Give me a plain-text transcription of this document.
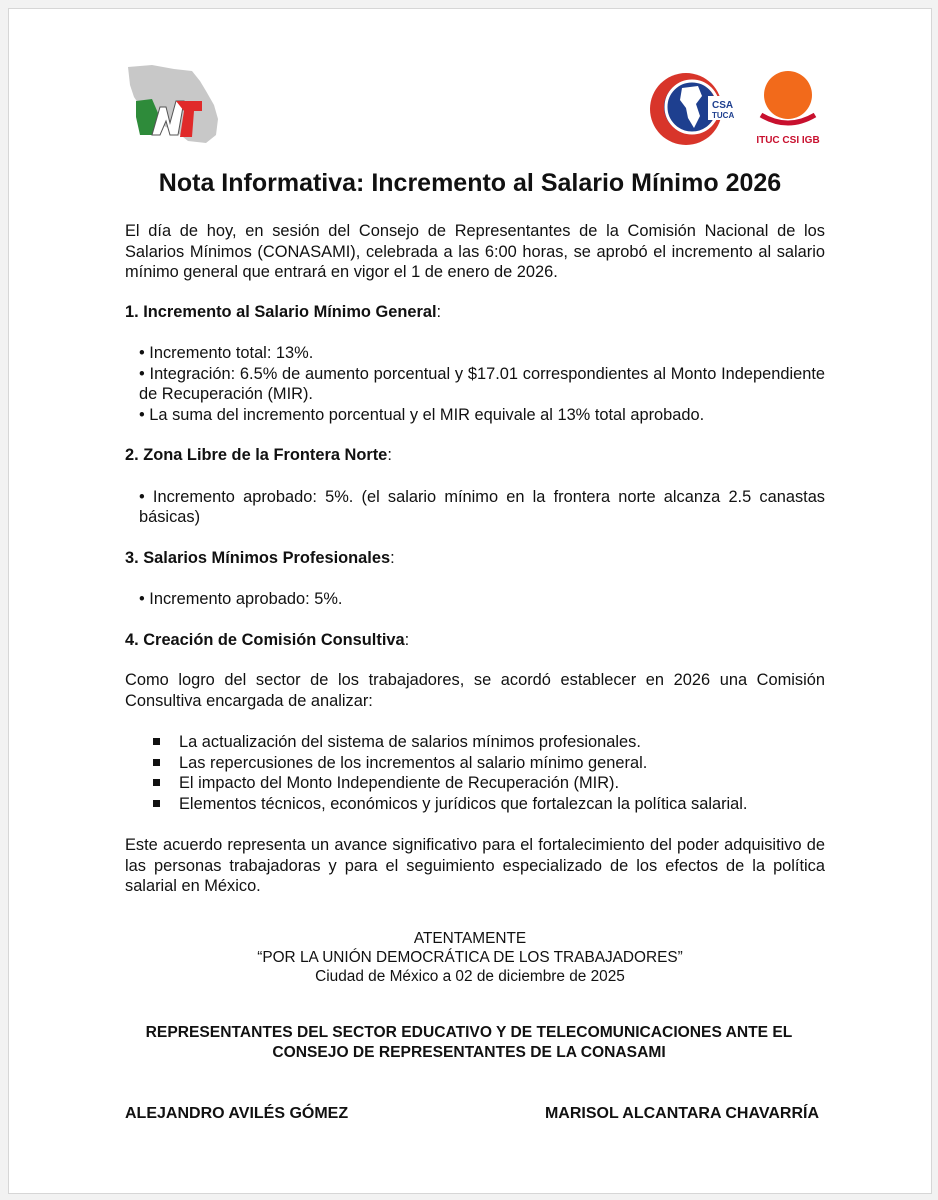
CSA
TUCA
ITUC CSI IGB
Nota Informativa: Incremento al Salario Mínimo 2026

El día de hoy, en sesión del Consejo de Representantes de la Comisión Nacional de los Salarios Mínimos (CONASAMI), celebrada a las 6:00 horas, se aprobó el incremento al salario mínimo general que entrará en vigor el 1 de enero de 2026.

1. Incremento al Salario Mínimo General:

• Incremento total: 13%.
• Integración: 6.5% de aumento porcentual y $17.01 correspondientes al Monto Independiente de Recuperación (MIR).
• La suma del incremento porcentual y el MIR equivale al 13% total aprobado.

2. Zona Libre de la Frontera Norte:

• Incremento aprobado: 5%. (el salario mínimo en la frontera norte alcanza 2.5 canastas básicas)

3. Salarios Mínimos Profesionales:

• Incremento aprobado: 5%.

4. Creación de Comisión Consultiva:

Como logro del sector de los trabajadores, se acordó establecer en 2026 una Comisión Consultiva encargada de analizar:

La actualización del sistema de salarios mínimos profesionales.
Las repercusiones de los incrementos al salario mínimo general.
El impacto del Monto Independiente de Recuperación (MIR).
Elementos técnicos, económicos y jurídicos que fortalezcan la política salarial.

Este acuerdo representa un avance significativo para el fortalecimiento del poder adquisitivo de las personas trabajadoras y para el seguimiento especializado de los efectos de la política salarial en México.

ATENTAMENTE
“POR LA UNIÓN DEMOCRÁTICA DE LOS TRABAJADORES”
Ciudad de México a 02 de diciembre de 2025
REPRESENTANTES DEL SECTOR EDUCATIVO Y DE TELECOMUNICACIONES ANTE EL CONSEJO DE REPRESENTANTES DE LA CONASAMI
ALEJANDRO AVILÉS GÓMEZ	MARISOL ALCANTARA CHAVARRÍA
